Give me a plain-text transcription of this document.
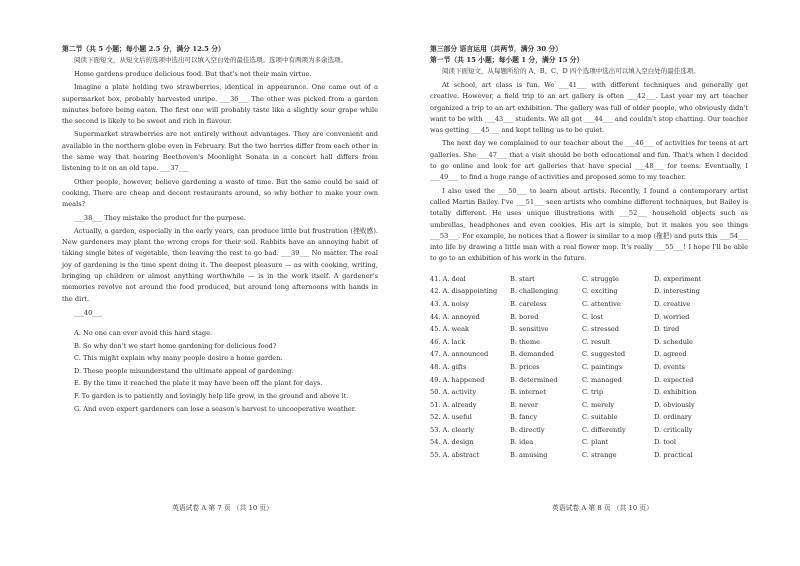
第二节（共 5 小题；每小题 2.5 分，满分 12.5 分）

阅读下面短文，从短文后的选项中选出可以填入空白处的最佳选项。选项中有两项为多余选项。

Home gardens produce delicious food. But that's not their main virtue.

Imagine a plate holding two strawberries, identical in appearance. One came out of a supermarket box, probably harvested unripe. ___36___ The other was picked from a garden minutes before being eaten. The first one will probably taste like a slightly sour grape while the second is likely to be sweet and rich in flavour.

Supermarket strawberries are not entirely without advantages. They are convenient and available in the northern globe even in February. But the two berries differ from each other in the same way that hearing Beethoven's Moonlight Sonata in a concert hall differs from listening to it on an old tape. ___37___

Other people, however, believe gardening a waste of time. But the same could be said of cooking. There are cheap and decent restaurants around, so why bother to make your own meals?

___38___ They mistake the product for the purpose.

Actually, a garden, especially in the early years, can produce little but frustration (挫败感). New gardeners may plant the wrong crops for their soil. Rabbits have an annoying habit of taking single bites of vegetable, then leaving the rest to go bad. ___39___ No matter. The real joy of gardening is the time spent doing it. The deepest pleasure — as with cooking, writing, bringing up children or almost anything worthwhile — is in the work itself. A gardener's memories revolve not around the food produced, but around long afternoons with hands in the dirt.

___40___
A. No one can ever avoid this hard stage.
B. So why don't we start home gardening for delicious food?
C. This might explain why many people desire a home garden.
D. These people misunderstand the ultimate appeal of gardening.
E. By the time it reached the plate it may have been off the plant for days.
F. To garden is to patiently and lovingly help life grow, in the ground and above it.
G. And even expert gardeners can lose a season's harvest to uncooperative weather.
英语试卷 A 第 7 页 （共 10 页）
第三部分 语言运用（共两节，满分 30 分）
第一节（共 15 小题；每小题 1 分，满分 15 分）

阅读下面短文，从每题所给的 A、B、C、D 四个选项中选出可以填入空白处的最佳选项。

At school, art class is fun. We ___41___ with different techniques and generally get creative. However, a field trip to an art gallery is often ___42___. Last year my art teacher organized a trip to an art exhibition. The gallery was full of older people, who obviously didn't want to be with ___43___ students. We all got ___44___ and couldn't stop chatting. Our teacher was getting ___45___ and kept telling us to be quiet.

The next day we complained to our teacher about the ___46___ of activities for teens at art galleries. She ___47___ that a visit should be both educational and fun. That's when I decided to go online and look for art galleries that have special ___48___ for teens. Eventually, I ___49___ to find a huge range of activities and proposed some to my teacher.

I also used the ___50___ to learn about artists. Recently, I found a contemporary artist called Martin Bailey. I've ___51___ seen artists who combine different techniques, but Bailey is totally different. He uses unique illustrations with ___52___ household objects such as umbrellas, headphones and even cookies. His art is simple, but it makes you see things ___53___. For example, he notices that a flower is similar to a mop (拖把) and puts this ___54___ into life by drawing a little man with a real flower mop. It's really ___55___! I hope I'll be able to go to an exhibition of his work in the future.

41. A. deal	B. start	C. struggle	D. experiment
42. A. disappointing	B. challenging	C. exciting	D. interesting
43. A. noisy	B. careless	C. attentive	D. creative
44. A. annoyed	B. bored	C. lost	D. worried
45. A. weak	B. sensitive	C. stressed	D. tired
46. A. lack	B. theme	C. result	D. schedule
47. A. announced	B. demanded	C. suggested	D. agreed
48. A. gifts	B. prices	C. paintings	D. events
49. A. happened	B. determined	C. managed	D. expected
50. A. activity	B. internet	C. trip	D. exhibition
51. A. already	B. never	C. merely	D. obviously
52. A. useful	B. fancy	C. suitable	D. ordinary
53. A. clearly	B. directly	C. differently	D. critically
54. A. design	B. idea	C. plant	D. tool
55. A. abstract	B. amusing	C. strange	D. practical
英语试卷 A 第 8 页 （共 10 页）
